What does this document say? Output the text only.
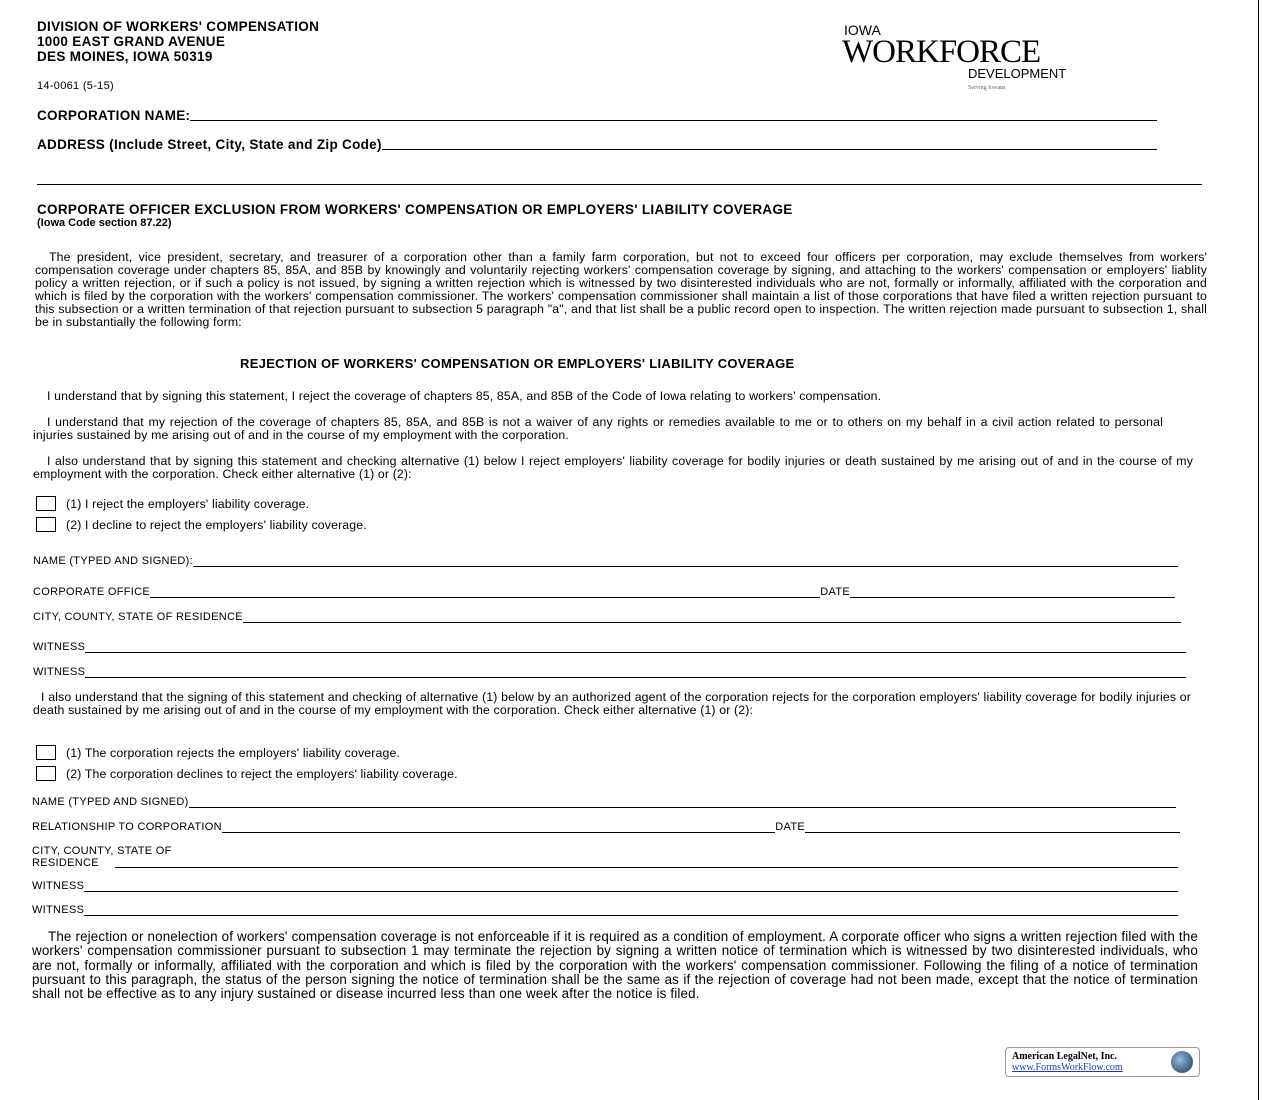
DIVISION OF WORKERS' COMPENSATION
1000 EAST GRAND AVENUE
DES MOINES, IOWA 50319
14-0061 (5-15)
IOWA
WORKFORCE
DEVELOPMENT
Serving Iowans
CORPORATION NAME:
ADDRESS (Include Street, City, State and Zip Code)
CORPORATE OFFICER EXCLUSION FROM WORKERS' COMPENSATION OR EMPLOYERS' LIABILITY COVERAGE
(Iowa Code section 87.22)
The president, vice president, secretary, and treasurer of a corporation other than a family farm corporation, but not to exceed four officers per corporation, may exclude themselves from workers' compensation coverage under chapters 85, 85A, and 85B by knowingly and voluntarily rejecting workers' compensation coverage by signing, and attaching to the workers' compensation or employers' liablity policy a written rejection, or if such a policy is not issued, by signing a written rejection which is witnessed by two disinterested individuals who are not, formally or informally, affiliated with the corporation and which is filed by the corporation with the workers' compensation commissioner. The workers' compensation commissioner shall maintain a list of those corporations that have filed a written rejection pursuant to this subsection or a written termination of that rejection pursuant to subsection 5 paragraph "a", and that list shall be a public record open to inspection. The written rejection made pursuant to subsection 1, shall be in substantially the following form:
REJECTION OF WORKERS' COMPENSATION OR EMPLOYERS' LIABILITY COVERAGE
I understand that by signing this statement, I reject the coverage of chapters 85, 85A, and 85B of the Code of Iowa relating to workers' compensation.
I understand that my rejection of the coverage of chapters 85, 85A, and 85B is not a waiver of any rights or remedies available to me or to others on my behalf in a civil action related to personal injuries sustained by me arising out of and in the course of my employment with the corporation.
I also understand that by signing this statement and checking alternative (1) below I reject employers' liability coverage for bodily injuries or death sustained by me arising out of and in the course of my employment with the corporation. Check either alternative (1) or (2):
(1) I reject the employers' liability coverage.
(2) I decline to reject the employers' liability coverage.
NAME (TYPED AND SIGNED):
CORPORATE OFFICE	DATE
CITY, COUNTY, STATE OF RESIDENCE
WITNESS
WITNESS
I also understand that the signing of this statement and checking of alternative (1) below by an authorized agent of the corporation rejects for the corporation employers' liability coverage for bodily injuries or death sustained by me arising out of and in the course of my employment with the corporation. Check either alternative (1) or (2):
(1) The corporation rejects the employers' liability coverage.
(2) The corporation declines to reject the employers' liability coverage.
NAME (TYPED AND SIGNED)
RELATIONSHIP TO CORPORATION	DATE
CITY, COUNTY, STATE OF
RESIDENCE
WITNESS
WITNESS
The rejection or nonelection of workers' compensation coverage is not enforceable if it is required as a condition of employment. A corporate officer who signs a written rejection filed with the workers' compensation commissioner pursuant to subsection 1 may terminate the rejection by signing a written notice of termination which is witnessed by two disinterested individuals, who are not, formally or informally, affiliated with the corporation and which is filed by the corporation with the workers' compensation commissioner. Following the filing of a notice of termination pursuant to this paragraph, the status of the person signing the notice of termination shall be the same as if the rejection of coverage had not been made, except that the notice of termination shall not be effective as to any injury sustained or disease incurred less than one week after the notice is filed.
American LegalNet, Inc.
www.FormsWorkFlow.com
